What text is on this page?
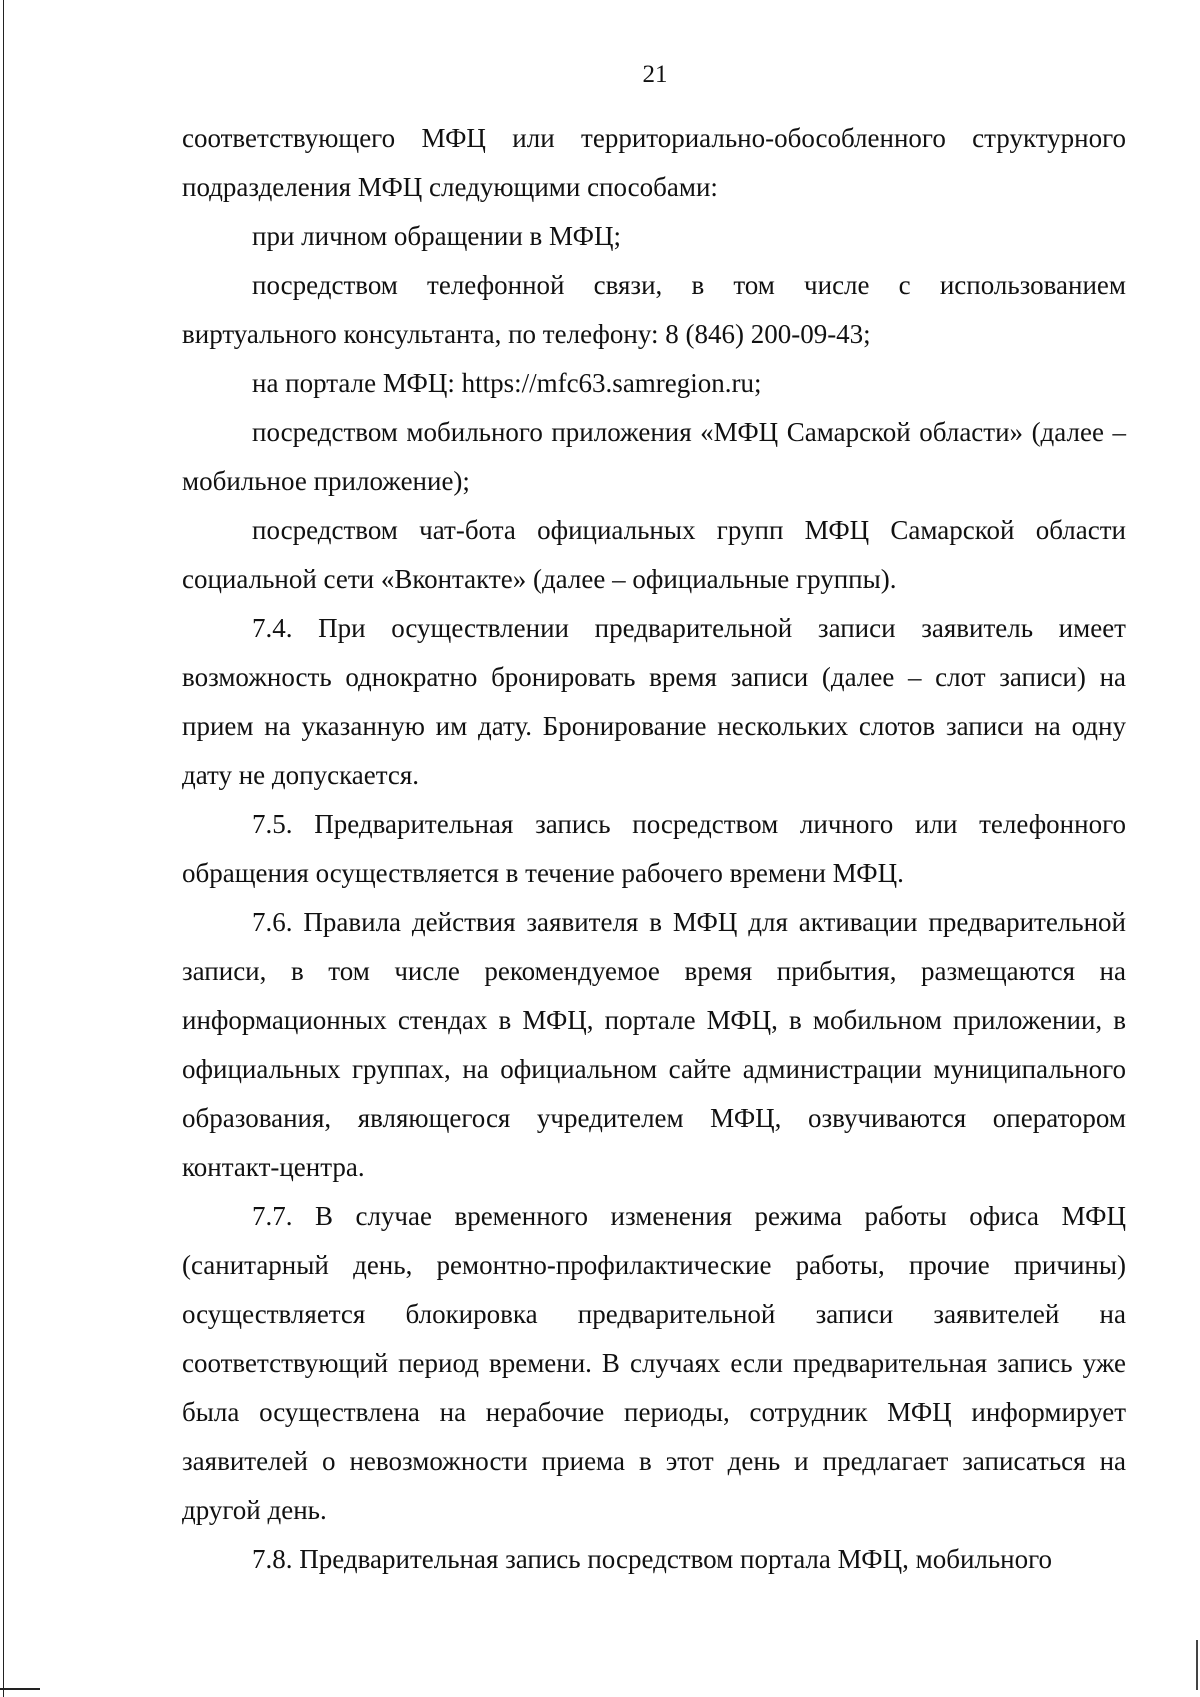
21

соответствующего МФЦ или территориально-обособленного структурного подразделения МФЦ следующими способами:

при личном обращении в МФЦ;

посредством телефонной связи, в том числе с использованием виртуального консультанта, по телефону: 8 (846) 200-09-43;

на портале МФЦ: https://mfc63.samregion.ru;

посредством мобильного приложения «МФЦ Самарской области» (далее – мобильное приложение);

посредством чат-бота официальных групп МФЦ Самарской области социальной сети «Вконтакте» (далее – официальные группы).

7.4. При осуществлении предварительной записи заявитель имеет возможность однократно бронировать время записи (далее – слот записи) на прием на указанную им дату. Бронирование нескольких слотов записи на одну дату не допускается.

7.5. Предварительная запись посредством личного или телефонного обращения осуществляется в течение рабочего времени МФЦ.

7.6. Правила действия заявителя в МФЦ для активации предварительной записи, в том числе рекомендуемое время прибытия, размещаются на информационных стендах в МФЦ, портале МФЦ, в мобильном приложении, в официальных группах, на официальном сайте администрации муниципального образования, являющегося учредителем МФЦ, озвучиваются оператором контакт-центра.

7.7. В случае временного изменения режима работы офиса МФЦ (санитарный день, ремонтно-профилактические работы, прочие причины) осуществляется блокировка предварительной записи заявителей на соответствующий период времени. В случаях если предварительная запись уже была осуществлена на нерабочие периоды, сотрудник МФЦ информирует заявителей о невозможности приема в этот день и предлагает записаться на другой день.

7.8. Предварительная запись посредством портала МФЦ, мобильного
